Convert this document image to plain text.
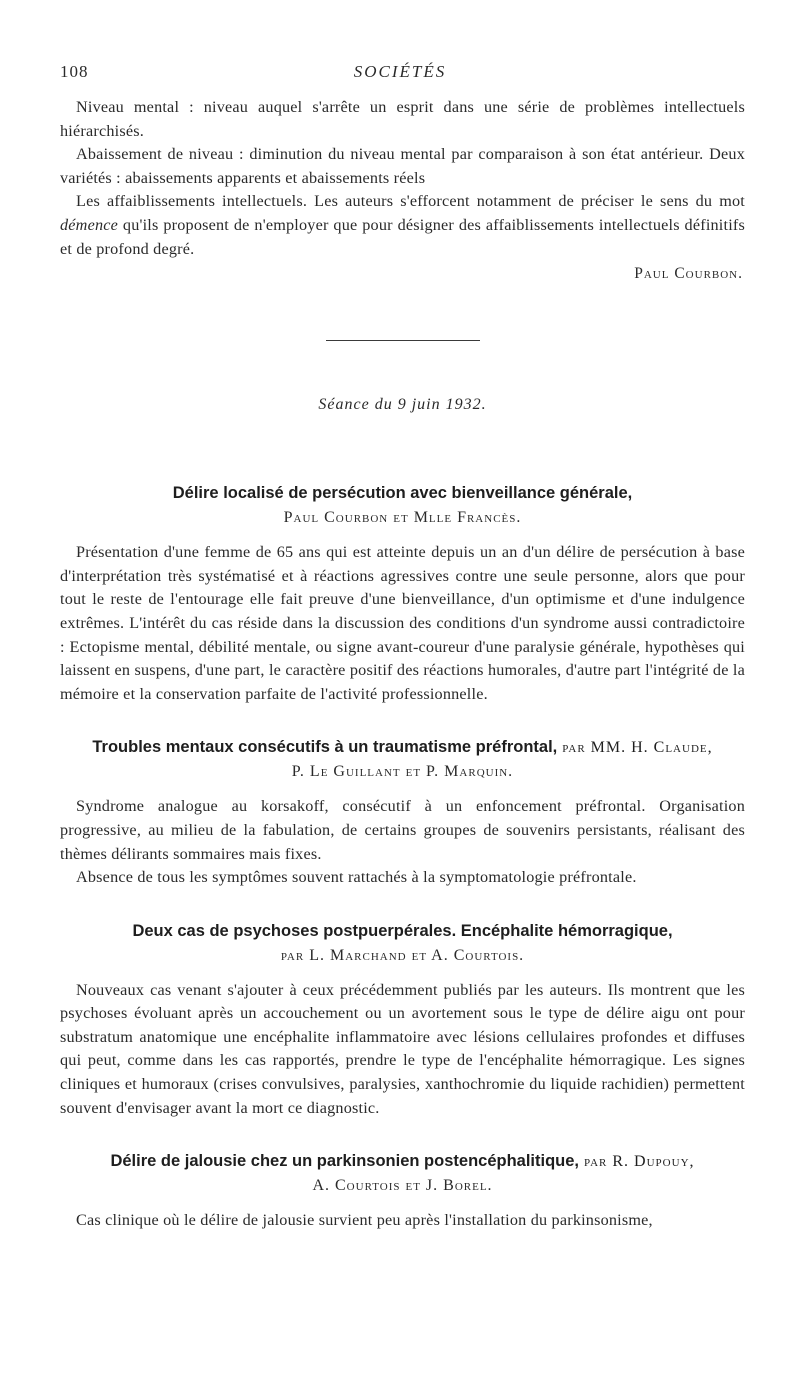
108	SOCIÉTÉS

Niveau mental : niveau auquel s'arrête un esprit dans une série de problèmes intellectuels hiérarchisés.

Abaissement de niveau : diminution du niveau mental par comparaison à son état antérieur. Deux variétés : abaissements apparents et abaissements réels

Les affaiblissements intellectuels. Les auteurs s'efforcent notamment de préciser le sens du mot démence qu'ils proposent de n'employer que pour désigner des affaiblissements intellectuels définitifs et de profond degré.

Paul Courbon.
Séance du 9 juin 1932.
Délire localisé de persécution avec bienveillance générale,
Paul Courbon et Mlle Francès.

Présentation d'une femme de 65 ans qui est atteinte depuis un an d'un délire de persécution à base d'interprétation très systématisé et à réactions agressives contre une seule personne, alors que pour tout le reste de l'entourage elle fait preuve d'une bienveillance, d'un optimisme et d'une indulgence extrêmes. L'intérêt du cas réside dans la discussion des conditions d'un syndrome aussi contradictoire : Ectopisme mental, débilité mentale, ou signe avant-coureur d'une paralysie générale, hypothèses qui laissent en suspens, d'une part, le caractère positif des réactions humorales, d'autre part l'intégrité de la mémoire et la conservation parfaite de l'activité professionnelle.

Troubles mentaux consécutifs à un traumatisme préfrontal, par MM. H. Claude,
P. Le Guillant et P. Marquin.

Syndrome analogue au korsakoff, consécutif à un enfoncement préfrontal. Organisation progressive, au milieu de la fabulation, de certains groupes de souvenirs persistants, réalisant des thèmes délirants sommaires mais fixes.

Absence de tous les symptômes souvent rattachés à la symptomatologie préfrontale.

Deux cas de psychoses postpuerpérales. Encéphalite hémorragique,
par L. Marchand et A. Courtois.

Nouveaux cas venant s'ajouter à ceux précédemment publiés par les auteurs. Ils montrent que les psychoses évoluant après un accouchement ou un avortement sous le type de délire aigu ont pour substratum anatomique une encéphalite inflammatoire avec lésions cellulaires profondes et diffuses qui peut, comme dans les cas rapportés, prendre le type de l'encéphalite hémorragique. Les signes cliniques et humoraux (crises convulsives, paralysies, xanthochromie du liquide rachidien) permettent souvent d'envisager avant la mort ce diagnostic.

Délire de jalousie chez un parkinsonien postencéphalitique, par R. Dupouy,
A. Courtois et J. Borel.

Cas clinique où le délire de jalousie survient peu après l'installation du parkinsonisme,
